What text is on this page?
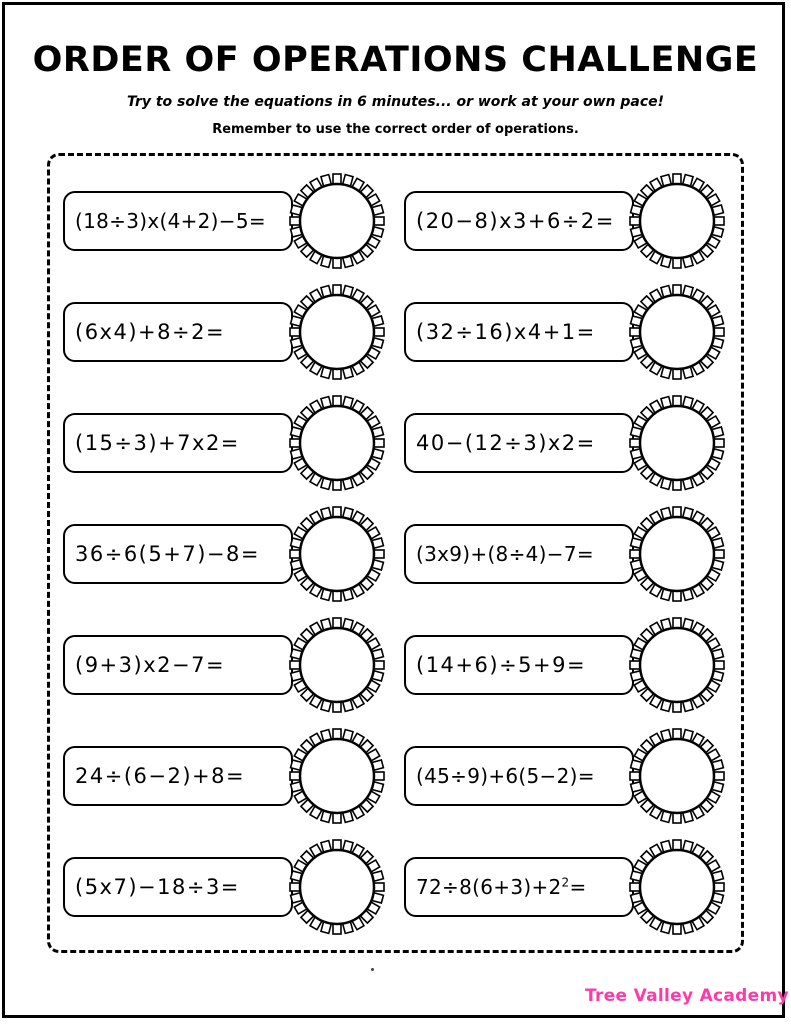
ORDER OF OPERATIONS CHALLENGE
Try to solve the equations in 6 minutes... or work at your own pace!
Remember to use the correct order of operations.
(18÷3)x(4+2)−5=
(6x4)+8÷2=
(15÷3)+7x2=
36÷6(5+7)−8=
(9+3)x2−7=
24÷(6−2)+8=
(5x7)−18÷3=
(20−8)x3+6÷2=
(32÷16)x4+1=
40−(12÷3)x2=
(3x9)+(8÷4)−7=
(14+6)÷5+9=
(45÷9)+6(5−2)=
$72\div 8(6+3)+2^2=$
Tree Valley Academy
